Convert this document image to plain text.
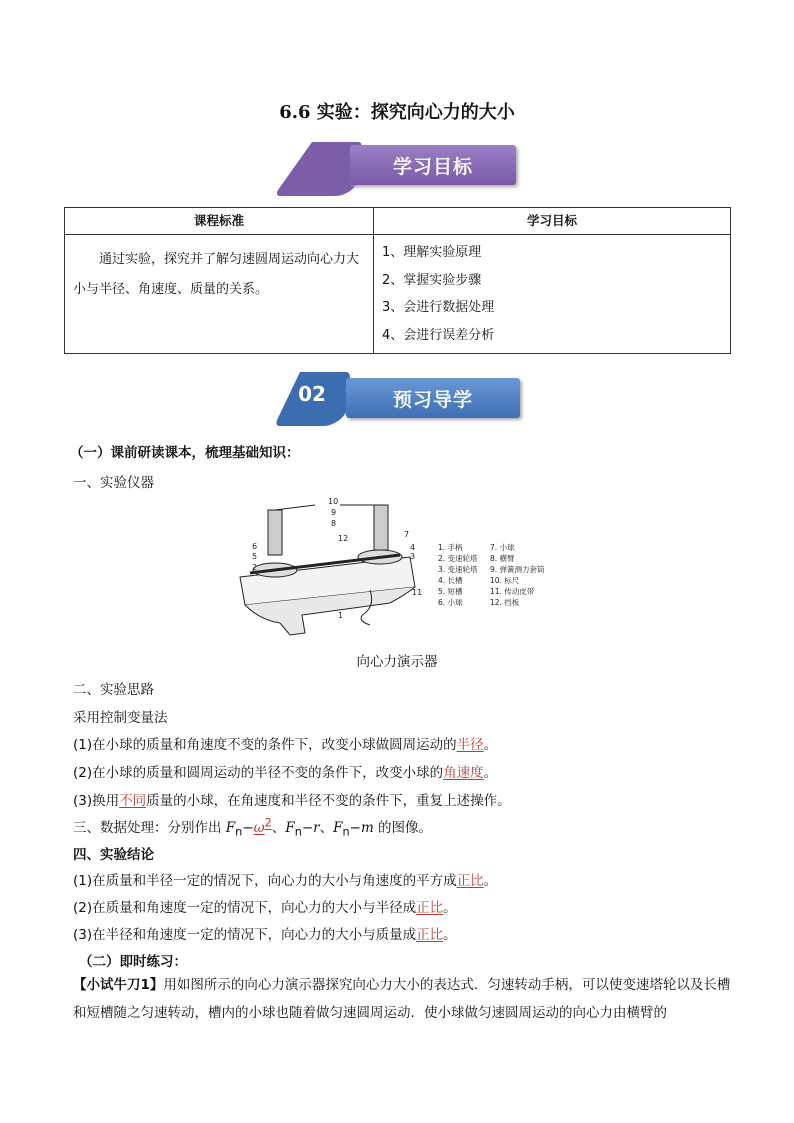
6.6 实验：探究向心力的大小
学习目标
课程标准	学习目标
通过实验，探究并了解匀速圆周运动向心力大小与半径、角速度、质量的关系。	1、理解实验原理
2、掌握实验步骤
3、会进行数据处理
4、会进行误差分析
02	预习导学
（一）课前研读课本，梳理基础知识：
一、实验仪器
10
9
8
7
6
5
4
3
2
1
11
12
1. 手柄
2. 变速轮塔
3. 变速轮塔
4. 长槽
5. 短槽
6. 小球
7. 小球
8. 横臂
9. 弹簧测力套筒
10. 标尺
11. 传动皮带
12. 挡板
向心力演示器
二、实验思路
采用控制变量法
(1)在小球的质量和角速度不变的条件下，改变小球做圆周运动的半径。
(2)在小球的质量和圆周运动的半径不变的条件下，改变小球的角速度。
(3)换用不同质量的小球，在角速度和半径不变的条件下，重复上述操作。
三、数据处理：分别作出 $F_n-\omega^2$、$F_n-r$、$F_n-m$ 的图像。
四、实验结论
(1)在质量和半径一定的情况下，向心力的大小与角速度的平方成正比。
(2)在质量和角速度一定的情况下，向心力的大小与半径成正比。
(3)在半径和角速度一定的情况下，向心力的大小与质量成正比。
（二）即时练习：
【小试牛刀1】用如图所示的向心力演示器探究向心力大小的表达式．匀速转动手柄，可以使变速塔轮以及长槽和短槽随之匀速转动，槽内的小球也随着做匀速圆周运动．使小球做匀速圆周运动的向心力由横臂的
